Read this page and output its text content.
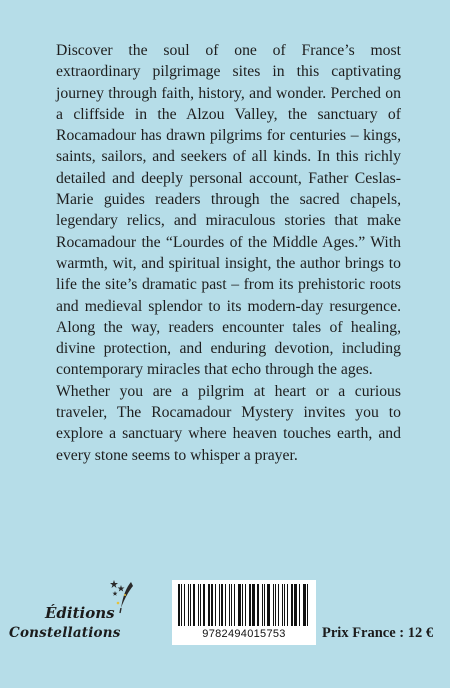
Discover the soul of one of France’s most extraordinary pilgrimage sites in this captivating journey through faith, history, and wonder. Perched on a cliffside in the Alzou Valley, the sanctuary of Rocamadour has drawn pilgrims for centuries – kings, saints, sailors, and seekers of all kinds. In this richly detailed and deeply personal account, Father Ceslas-Marie guides readers through the sacred chapels, legendary relics, and miraculous stories that make Rocamadour the “Lourdes of the Middle Ages.” With warmth, wit, and spiritual insight, the author brings to life the site’s dramatic past – from its prehistoric roots and medieval splendor to its modern-day resurgence. Along the way, readers encounter tales of healing, divine protection, and enduring devotion, including contemporary miracles that echo through the ages.

Whether you are a pilgrim at heart or a curious traveler, The Rocamadour Mystery invites you to explore a sanctuary where heaven touches earth, and every stone seems to whisper a prayer.

Éditions
Constellations	9782494015753	Prix France : 12 €
